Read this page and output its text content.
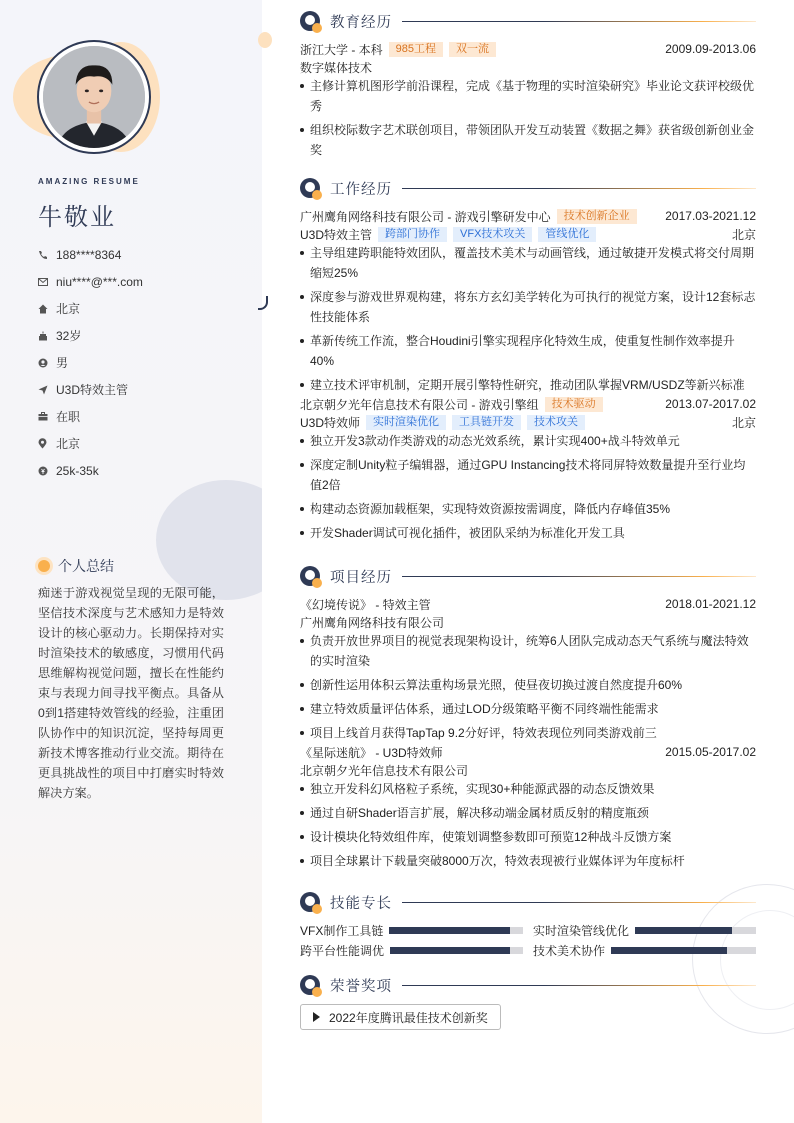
AMAZING RESUME
牛敬业
188****8364
niu****@***.com
北京
32岁
男
U3D特效主管
在职
北京
25k-35k
个人总结
痴迷于游戏视觉呈现的无限可能，坚信技术深度与艺术感知力是特效设计的核心驱动力。长期保持对实时渲染技术的敏感度，习惯用代码思维解构视觉问题，擅长在性能约束与表现力间寻找平衡点。具备从0到1搭建特效管线的经验，注重团队协作中的知识沉淀，坚持每周更新技术博客推动行业交流。期待在更具挑战性的项目中打磨实时特效解决方案。
教育经历
浙江大学 - 本科	985工程	双一流	2009.09-2013.06
数字媒体技术
主修计算机图形学前沿课程，完成《基于物理的实时渲染研究》毕业论文获评校级优秀
组织校际数字艺术联创项目，带领团队开发互动装置《数据之舞》获省级创新创业金奖
工作经历
广州鹰角网络科技有限公司 - 游戏引擎研发中心	技术创新企业	2017.03-2021.12
U3D特效主管	跨部门协作	VFX技术攻关	管线优化	北京
主导组建跨职能特效团队，覆盖技术美术与动画管线，通过敏捷开发模式将交付周期缩短25%
深度参与游戏世界观构建，将东方玄幻美学转化为可执行的视觉方案，设计12套标志性技能体系
革新传统工作流，整合Houdini引擎实现程序化特效生成，使重复性制作效率提升40%
建立技术评审机制，定期开展引擎特性研究，推动团队掌握VRM/USDZ等新兴标准
北京朝夕光年信息技术有限公司 - 游戏引擎组	技术驱动	2013.07-2017.02
U3D特效师	实时渲染优化	工具链开发	技术攻关	北京
独立开发3款动作类游戏的动态光效系统，累计实现400+战斗特效单元
深度定制Unity粒子编辑器，通过GPU Instancing技术将同屏特效数量提升至行业均值2倍
构建动态资源加载框架，实现特效资源按需调度，降低内存峰值35%
开发Shader调试可视化插件，被团队采纳为标准化开发工具
项目经历
《幻境传说》 - 特效主管	2018.01-2021.12
广州鹰角网络科技有限公司
负责开放世界项目的视觉表现架构设计，统筹6人团队完成动态天气系统与魔法特效的实时渲染
创新性运用体积云算法重构场景光照，使昼夜切换过渡自然度提升60%
建立特效质量评估体系，通过LOD分级策略平衡不同终端性能需求
项目上线首月获得TapTap 9.2分好评，特效表现位列同类游戏前三
《星际迷航》 - U3D特效师	2015.05-2017.02
北京朝夕光年信息技术有限公司
独立开发科幻风格粒子系统，实现30+种能源武器的动态反馈效果
通过自研Shader语言扩展，解决移动端金属材质反射的精度瓶颈
设计模块化特效组件库，使策划调整参数即可预览12种战斗反馈方案
项目全球累计下载量突破8000万次，特效表现被行业媒体评为年度标杆
技能专长
VFX制作工具链	实时渲染管线优化
跨平台性能调优	技术美术协作
荣誉奖项
2022年度腾讯最佳技术创新奖
